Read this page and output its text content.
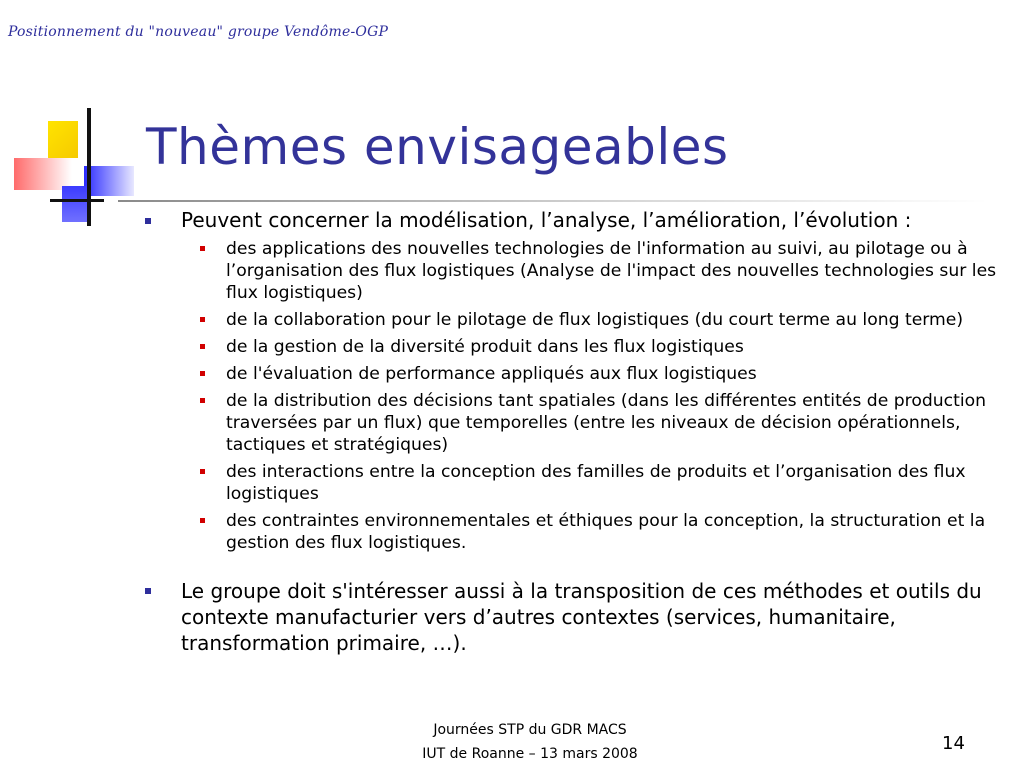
Positionnement du "nouveau" groupe Vendôme-OGP
Thèmes envisageables
Peuvent concerner la modélisation, l’analyse, l’amélioration, l’évolution :
des applications des nouvelles technologies de l'information au suivi, au pilotage ou à l’organisation des flux logistiques (Analyse de l'impact des nouvelles technologies sur les flux logistiques)
de la collaboration pour le pilotage de flux logistiques (du court terme au long terme)
de la gestion de la diversité produit dans les flux logistiques
de l'évaluation de performance appliqués aux flux logistiques
de la distribution des décisions tant spatiales (dans les différentes entités de production traversées par un flux) que temporelles (entre les niveaux de décision opérationnels, tactiques et stratégiques)
des interactions entre la conception des familles de produits et l’organisation des flux logistiques
des contraintes environnementales et éthiques pour la conception, la structuration et la gestion des flux logistiques.
Le groupe doit s'intéresser aussi à la transposition de ces méthodes et outils du contexte manufacturier vers d’autres contextes (services, humanitaire, transformation primaire, …).
Journées STP du GDR MACS
IUT de Roanne – 13 mars 2008	14
